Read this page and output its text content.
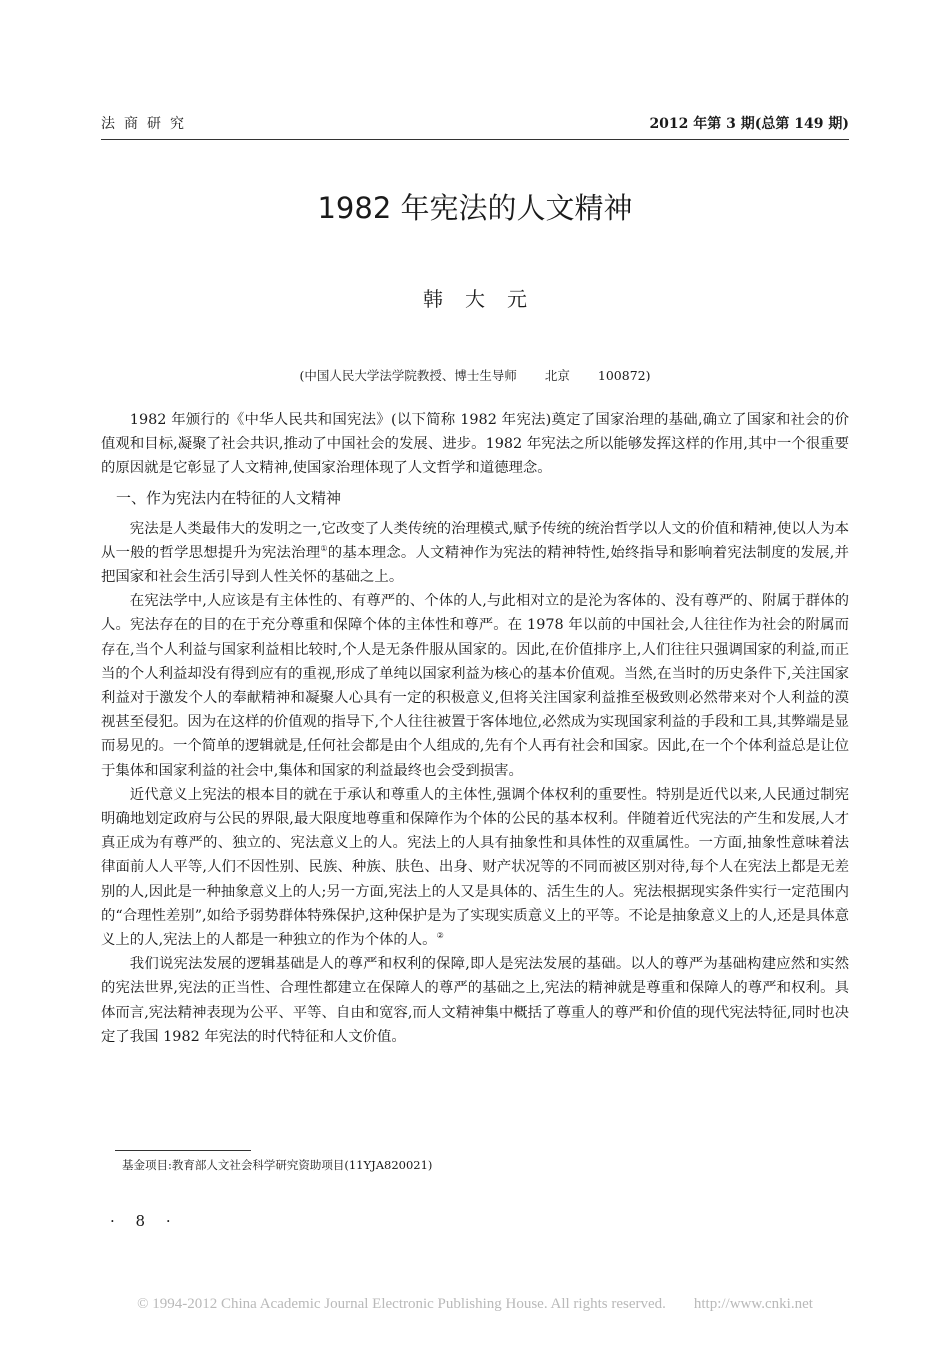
法商研究	2012 年第 3 期(总第 149 期)
1982 年宪法的人文精神
韩大元
(中国人民大学法学院教授、博士生导师 北京 100872)

1982 年颁行的《中华人民共和国宪法》(以下简称 1982 年宪法)奠定了国家治理的基础,确立了国家和社会的价值观和目标,凝聚了社会共识,推动了中国社会的发展、进步。1982 年宪法之所以能够发挥这样的作用,其中一个很重要的原因就是它彰显了人文精神,使国家治理体现了人文哲学和道德理念。

一、作为宪法内在特征的人文精神

宪法是人类最伟大的发明之一,它改变了人类传统的治理模式,赋予传统的统治哲学以人文的价值和精神,使以人为本从一般的哲学思想提升为宪法治理①的基本理念。人文精神作为宪法的精神特性,始终指导和影响着宪法制度的发展,并把国家和社会生活引导到人性关怀的基础之上。

在宪法学中,人应该是有主体性的、有尊严的、个体的人,与此相对立的是沦为客体的、没有尊严的、附属于群体的人。宪法存在的目的在于充分尊重和保障个体的主体性和尊严。在 1978 年以前的中国社会,人往往作为社会的附属而存在,当个人利益与国家利益相比较时,个人是无条件服从国家的。因此,在价值排序上,人们往往只强调国家的利益,而正当的个人利益却没有得到应有的重视,形成了单纯以国家利益为核心的基本价值观。当然,在当时的历史条件下,关注国家利益对于激发个人的奉献精神和凝聚人心具有一定的积极意义,但将关注国家利益推至极致则必然带来对个人利益的漠视甚至侵犯。因为在这样的价值观的指导下,个人往往被置于客体地位,必然成为实现国家利益的手段和工具,其弊端是显而易见的。一个简单的逻辑就是,任何社会都是由个人组成的,先有个人再有社会和国家。因此,在一个个体利益总是让位于集体和国家利益的社会中,集体和国家的利益最终也会受到损害。

近代意义上宪法的根本目的就在于承认和尊重人的主体性,强调个体权利的重要性。特别是近代以来,人民通过制宪明确地划定政府与公民的界限,最大限度地尊重和保障作为个体的公民的基本权利。伴随着近代宪法的产生和发展,人才真正成为有尊严的、独立的、宪法意义上的人。宪法上的人具有抽象性和具体性的双重属性。一方面,抽象性意味着法律面前人人平等,人们不因性别、民族、种族、肤色、出身、财产状况等的不同而被区别对待,每个人在宪法上都是无差别的人,因此是一种抽象意义上的人;另一方面,宪法上的人又是具体的、活生生的人。宪法根据现实条件实行一定范围内的“合理性差别”,如给予弱势群体特殊保护,这种保护是为了实现实质意义上的平等。不论是抽象意义上的人,还是具体意义上的人,宪法上的人都是一种独立的作为个体的人。②

我们说宪法发展的逻辑基础是人的尊严和权利的保障,即人是宪法发展的基础。以人的尊严为基础构建应然和实然的宪法世界,宪法的正当性、合理性都建立在保障人的尊严的基础之上,宪法的精神就是尊重和保障人的尊严和权利。具体而言,宪法精神表现为公平、平等、自由和宽容,而人文精神集中概括了尊重人的尊严和价值的现代宪法特征,同时也决定了我国 1982 年宪法的时代特征和人文价值。

基金项目:教育部人文社会科学研究资助项目(11YJA820021)
· 8 ·
© 1994-2012 China Academic Journal Electronic Publishing House. All rights reserved. http://www.cnki.net
